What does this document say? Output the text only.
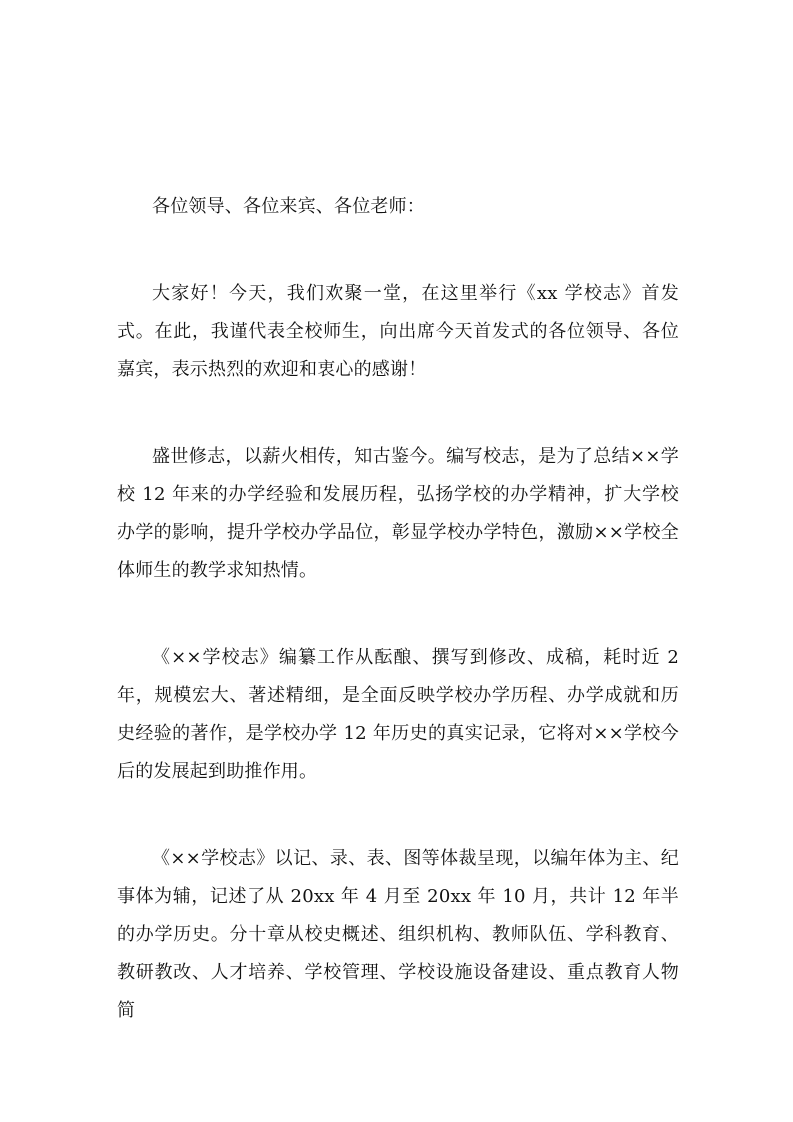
各位领导、各位来宾、各位老师：

大家好！今天，我们欢聚一堂，在这里举行《xx 学校志》首发式。在此，我谨代表全校师生，向出席今天首发式的各位领导、各位嘉宾，表示热烈的欢迎和衷心的感谢！

盛世修志，以薪火相传，知古鉴今。编写校志，是为了总结××学校 12 年来的办学经验和发展历程，弘扬学校的办学精神，扩大学校办学的影响，提升学校办学品位，彰显学校办学特色，激励××学校全体师生的教学求知热情。

《××学校志》编纂工作从酝酿、撰写到修改、成稿，耗时近 2 年，规模宏大、著述精细，是全面反映学校办学历程、办学成就和历史经验的著作，是学校办学 12 年历史的真实记录，它将对××学校今后的发展起到助推作用。

《××学校志》以记、录、表、图等体裁呈现，以编年体为主、纪事体为辅，记述了从 20xx 年 4 月至 20xx 年 10 月，共计 12 年半的办学历史。分十章从校史概述、组织机构、教师队伍、学科教育、教研教改、人才培养、学校管理、学校设施设备建设、重点教育人物简
